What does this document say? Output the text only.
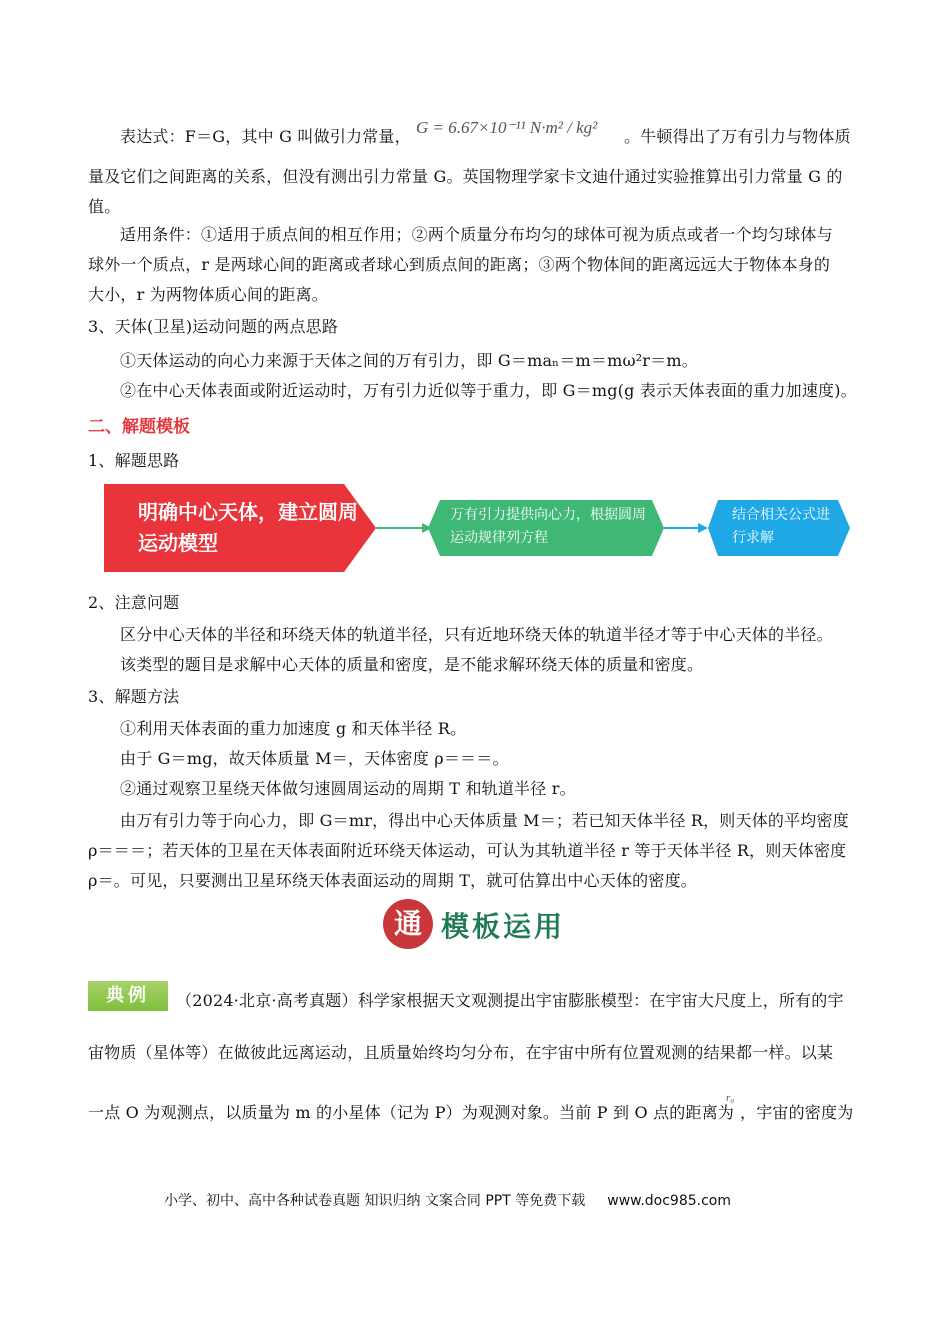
表达式：F＝G，其中 G 叫做引力常量， G = 6.67×10⁻¹¹ N·m² / kg² 。牛顿得出了万有引力与物体质
量及它们之间距离的关系，但没有测出引力常量 G。英国物理学家卡文迪什通过实验推算出引力常量 G 的
值。
适用条件：①适用于质点间的相互作用；②两个质量分布均匀的球体可视为质点或者一个均匀球体与
球外一个质点，r 是两球心间的距离或者球心到质点间的距离；③两个物体间的距离远远大于物体本身的
大小，r 为两物体质心间的距离。
3、天体(卫星)运动问题的两点思路
①天体运动的向心力来源于天体之间的万有引力，即 G＝maₙ＝m＝mω²r＝m。
②在中心天体表面或附近运动时，万有引力近似等于重力，即 G＝mg(g 表示天体表面的重力加速度)。
二、解题模板
1、解题思路
明确中心天体，建立圆周运动模型
万有引力提供向心力，根据圆周运动规律列方程
结合相关公式进行求解
2、注意问题
区分中心天体的半径和环绕天体的轨道半径，只有近地环绕天体的轨道半径才等于中心天体的半径。
该类型的题目是求解中心天体的质量和密度，是不能求解环绕天体的质量和密度。
3、解题方法
①利用天体表面的重力加速度 g 和天体半径 R。
由于 G＝mg，故天体质量 M＝，天体密度 ρ＝＝＝。
②通过观察卫星绕天体做匀速圆周运动的周期 T 和轨道半径 r。
由万有引力等于向心力，即 G＝mr，得出中心天体质量 M＝；若已知天体半径 R，则天体的平均密度
ρ＝＝＝；若天体的卫星在天体表面附近环绕天体运动，可认为其轨道半径 r 等于天体半径 R，则天体密度
ρ＝。可见，只要测出卫星环绕天体表面运动的周期 T，就可估算出中心天体的密度。
通 模板运用
典例	（2024·北京·高考真题）科学家根据天文观测提出宇宙膨胀模型：在宇宙大尺度上，所有的宇
宙物质（星体等）在做彼此远离运动，且质量始终均匀分布，在宇宙中所有位置观测的结果都一样。以某
一点 O 为观测点，以质量为 m 的小星体（记为 P）为观测对象。当前 P 到 O 点的距离为
r₀
，宇宙的密度为
小学、初中、高中各种试卷真题 知识归纳 文案合同 PPT 等免费下载 www.doc985.com
